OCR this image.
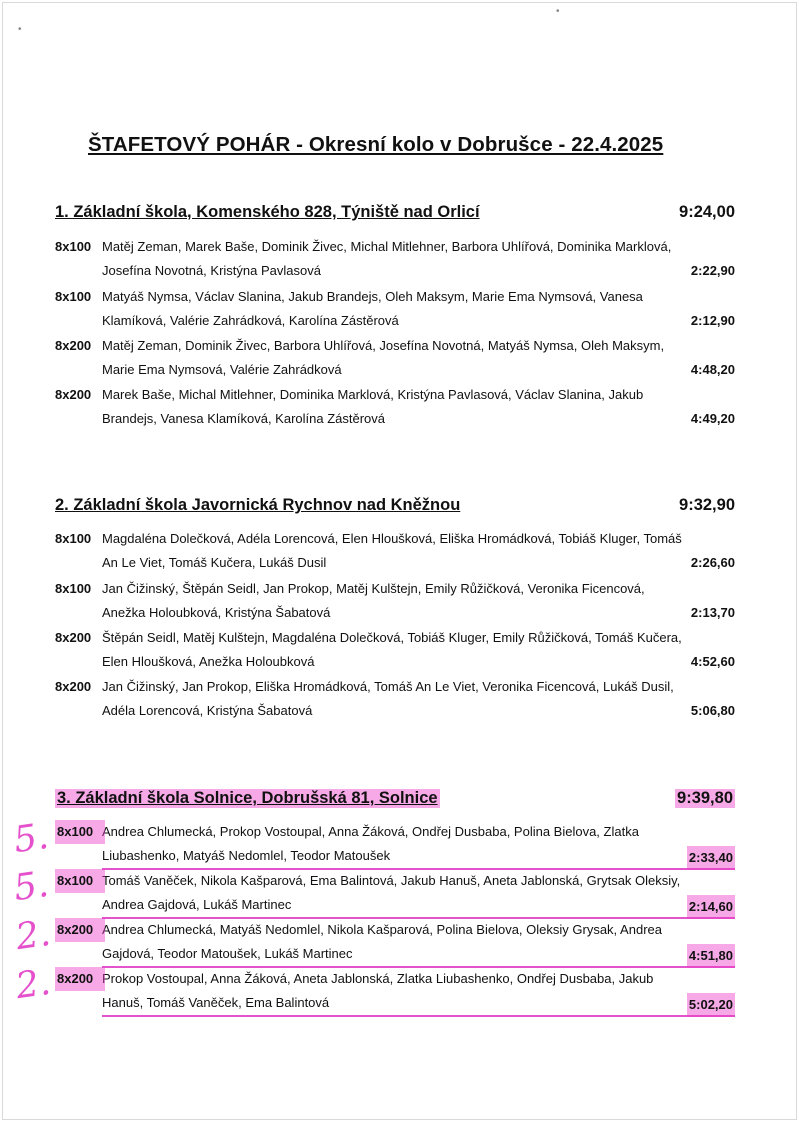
•
•
ŠTAFETOVÝ POHÁR - Okresní kolo v Dobrušce - 22.4.2025
1. Základní škola, Komenského 828, Týniště nad Orlicí	9:24,00
8x100 Matěj Zeman, Marek Baše, Dominik Živec, Michal Mitlehner, Barbora Uhlířová, Dominika Marklová, Josefína Novotná, Kristýna Pavlasová	2:22,90
8x100 Matyáš Nymsa, Václav Slanina, Jakub Brandejs, Oleh Maksym, Marie Ema Nymsová, Vanesa Klamíková, Valérie Zahrádková, Karolína Zástěrová	2:12,90
8x200 Matěj Zeman, Dominik Živec, Barbora Uhlířová, Josefína Novotná, Matyáš Nymsa, Oleh Maksym, Marie Ema Nymsová, Valérie Zahrádková	4:48,20
8x200 Marek Baše, Michal Mitlehner, Dominika Marklová, Kristýna Pavlasová, Václav Slanina, Jakub Brandejs, Vanesa Klamíková, Karolína Zástěrová	4:49,20
2. Základní škola Javornická Rychnov nad Kněžnou	9:32,90
8x100 Magdaléna Dolečková, Adéla Lorencová, Elen Hloušková, Eliška Hromádková, Tobiáš Kluger, Tomáš An Le Viet, Tomáš Kučera, Lukáš Dusil	2:26,60
8x100 Jan Čižinský, Štěpán Seidl, Jan Prokop, Matěj Kulštejn, Emily Růžičková, Veronika Ficencová, Anežka Holoubková, Kristýna Šabatová	2:13,70
8x200 Štěpán Seidl, Matěj Kulštejn, Magdaléna Dolečková, Tobiáš Kluger, Emily Růžičková, Tomáš Kučera, Elen Hloušková, Anežka Holoubková	4:52,60
8x200 Jan Čižinský, Jan Prokop, Eliška Hromádková, Tomáš An Le Viet, Veronika Ficencová, Lukáš Dusil, Adéla Lorencová, Kristýna Šabatová	5:06,80
3. Základní škola Solnice, Dobrušská 81, Solnice	9:39,80
8x100 Andrea Chlumecká, Prokop Vostoupal, Anna Žáková, Ondřej Dusbaba, Polina Bielova, Zlatka Liubashenko, Matyáš Nedomlel, Teodor Matoušek	2:33,40
8x100 Tomáš Vaněček, Nikola Kašparová, Ema Balintová, Jakub Hanuš, Aneta Jablonská, Grytsak Oleksiy, Andrea Gajdová, Lukáš Martinec	2:14,60
8x200 Andrea Chlumecká, Matyáš Nedomlel, Nikola Kašparová, Polina Bielova, Oleksiy Grysak, Andrea Gajdová, Teodor Matoušek, Lukáš Martinec	4:51,80
8x200 Prokop Vostoupal, Anna Žáková, Aneta Jablonská, Zlatka Liubashenko, Ondřej Dusbaba, Jakub Hanuš, Tomáš Vaněček, Ema Balintová	5:02,20
5.
5.
2.
2.
